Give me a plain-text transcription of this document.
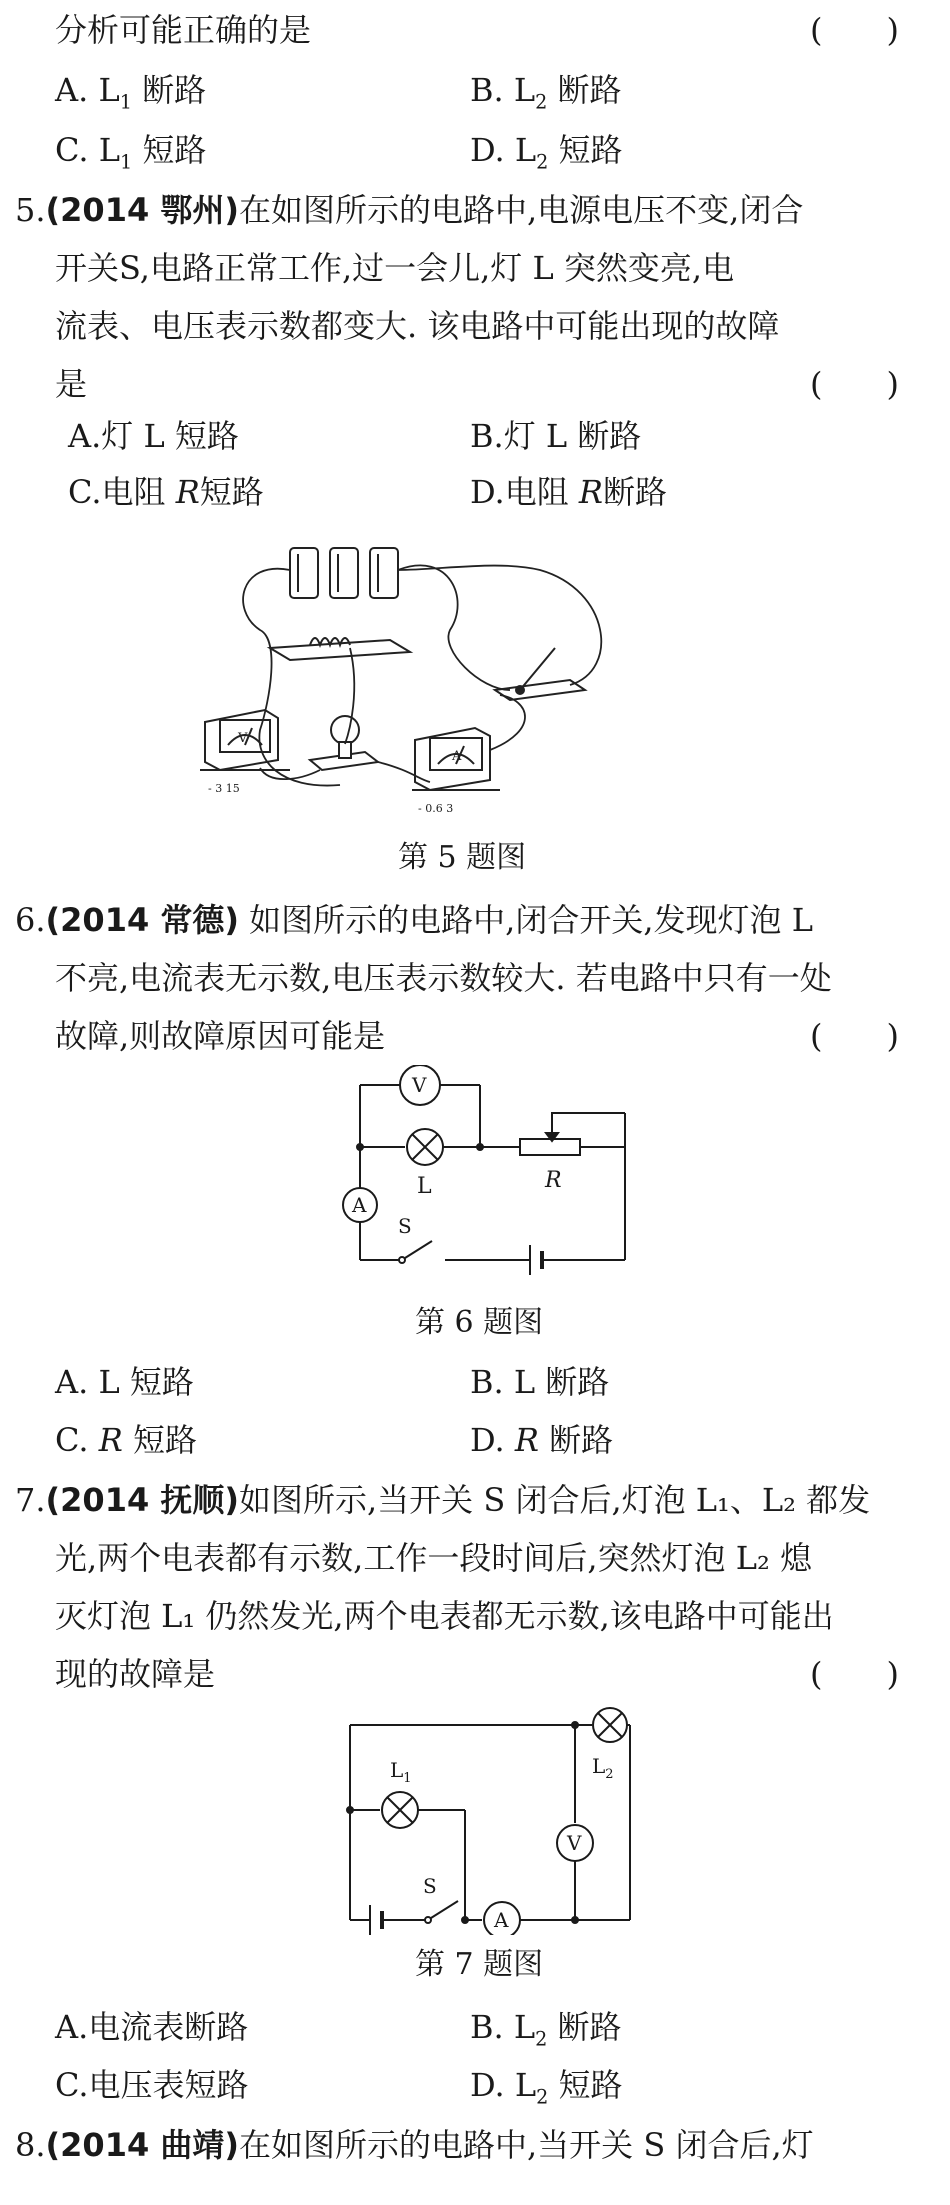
分析可能正确的是	(　　)
A. $L_1$ 断路	B. $L_2$ 断路
C. $L_1$ 短路	D. $L_2$ 短路
5.(2014 鄂州)在如图所示的电路中,电源电压不变,闭合
开关S,电路正常工作,过一会儿,灯 L 突然变亮,电
流表、电压表示数都变大. 该电路中可能出现的故障
是	(　　)
A.灯 L 短路	B.灯 L 断路
C.电阻 R短路	D.电阻 R断路
V
- 3 15
A
- 0.6 3
第 5 题图
6.(2014 常德) 如图所示的电路中,闭合开关,发现灯泡 L
不亮,电流表无示数,电压表示数较大. 若电路中只有一处
故障,则故障原因可能是	(　　)
V
L	R
A
S
第 6 题图
A. L 短路	B. L 断路
C. R 短路	D. R 断路
7.(2014 抚顺)如图所示,当开关 S 闭合后,灯泡 L₁、L₂ 都发
光,两个电表都有示数,工作一段时间后,突然灯泡 L₂ 熄
灭灯泡 L₁ 仍然发光,两个电表都无示数,该电路中可能出
现的故障是	(　　)
S
A
$L_1$
V
$L_2$
第 7 题图
A.电流表断路	B. $L_2$ 断路
C.电压表短路	D. $L_2$ 短路
8.(2014 曲靖)在如图所示的电路中,当开关 S 闭合后,灯
